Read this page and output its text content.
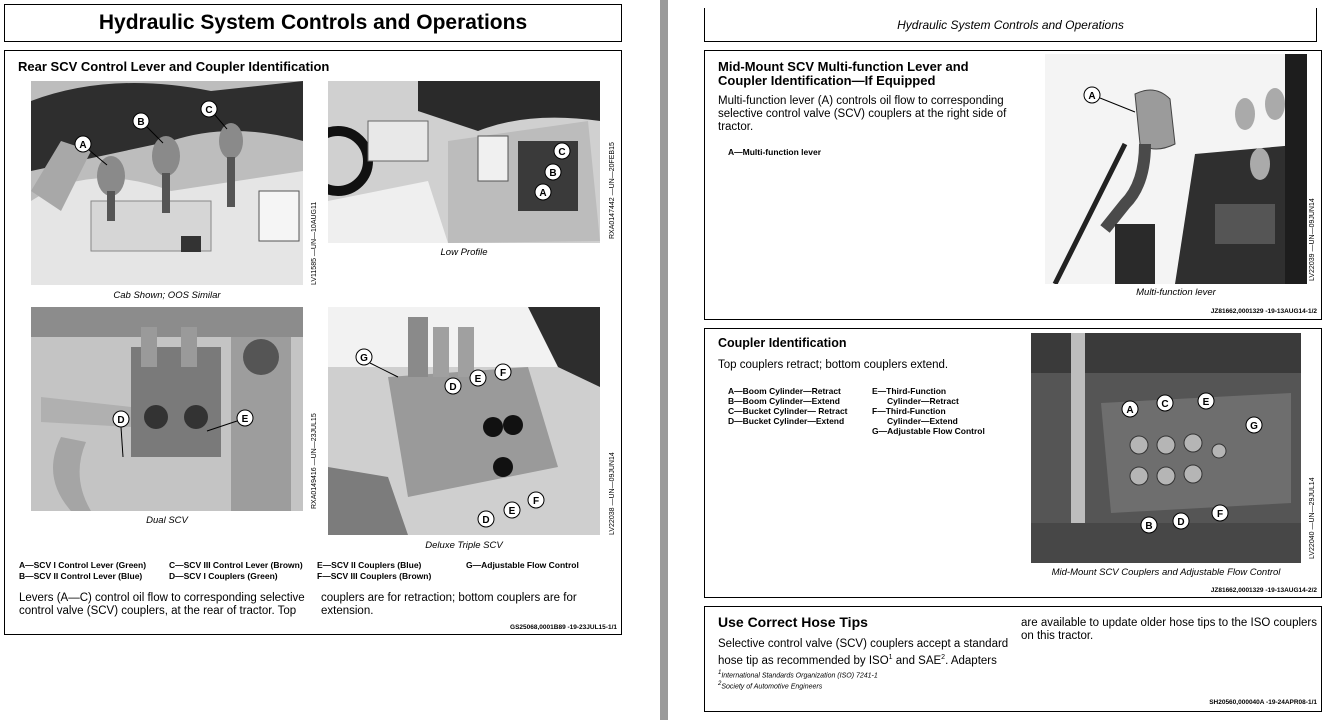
Hydraulic System Controls and Operations
Rear SCV Control Lever and Coupler Identification
A
B
C
Cab Shown; OOS Similar
LV11585 —UN—10AUG11
C
B
A
Low Profile
RXA0147442 —UN—20FEB15
D	E
Dual SCV
RXA0149416 —UN—23JUL15
G
D
E
F
F
E
D
Deluxe Triple SCV
LV22038 —UN—09JUN14
A—SCV I Control Lever (Green)
B—SCV II Control Lever (Blue)
C—SCV III Control Lever (Brown)
D—SCV I Couplers (Green)
E—SCV II Couplers (Blue)
F—SCV III Couplers (Brown)
G—Adjustable Flow Control
Levers (A—C) control oil flow to corresponding selective control valve (SCV) couplers, at the rear of tractor. Top
couplers are for retraction; bottom couplers are for extension.
GS25068,0001B89 -19-23JUL15-1/1
Hydraulic System Controls and Operations
Mid-Mount SCV Multi-function Lever and
Coupler Identification—If Equipped
Multi-function lever (A) controls oil flow to corresponding selective control valve (SCV) couplers at the right side of tractor.
A—Multi-function lever
A
Multi-function lever
LV22039 —UN—09JUN14
JZ81662,0001329 -19-13AUG14-1/2
Coupler Identification
Top couplers retract; bottom couplers extend.
A—Boom Cylinder—Retract
B—Boom Cylinder—Extend
C—Bucket Cylinder— Retract
D—Bucket Cylinder—Extend
E—Third-Function
Cylinder—Retract
F—Third-Function
Cylinder—Extend
G—Adjustable Flow Control
A
C	E
G
B D
F
Mid-Mount SCV Couplers and Adjustable Flow Control
LV22040 —UN—29JUL14
JZ81662,0001329 -19-13AUG14-2/2
Use Correct Hose Tips
Selective control valve (SCV) couplers accept a standard hose tip as recommended by ISO$^1$ and SAE$^2$. Adapters
are available to update older hose tips to the ISO couplers on this tractor.
$^1$International Standards Organization (ISO) 7241-1
$^2$Society of Automotive Engineers
SH20560,000040A -19-24APR08-1/1
